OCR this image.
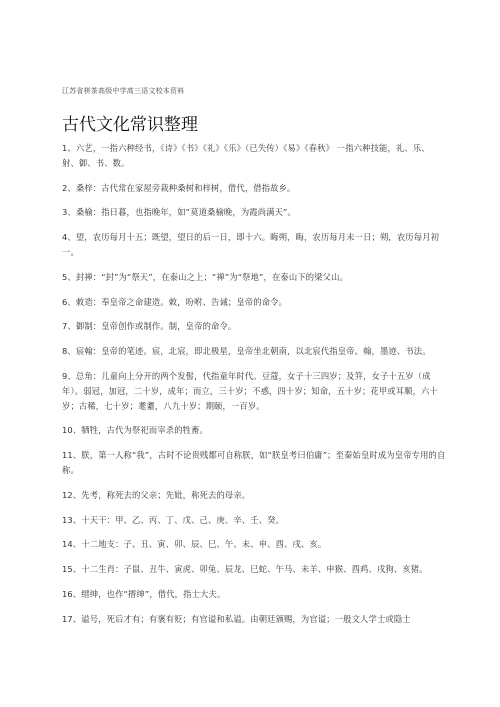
江苏省栟茶高级中学高三语文校本资料
古代文化常识整理

1、六艺，一指六种经书，《诗》《书》《礼》《乐》（已失传）《易》《春秋》 一指六种技能，礼、乐、射、御、书、数。

2、桑梓：古代常在家屋旁栽种桑树和梓树，借代，借指故乡。

3、桑榆：指日暮，也指晚年，如“莫道桑榆晚，为霞尚满天”。

4、望，农历每月十五；既望，望日的后一日，即十六。晦朔，晦，农历每月末一日；朔，农历每月初一。

5、封禅：“封”为“祭天”，在泰山之上；“禅”为“祭地”，在泰山下的梁父山。

6、敕造：奉皇帝之命建造。敕，吩咐、告诫；皇帝的命令。

7、御制：皇帝创作或制作。制，皇帝的命令。

8、宸翰：皇帝的笔迹。宸，北宸，即北极星，皇帝坐北朝南，以北宸代指皇帝。翰，墨迹、书法。

9、总角：儿童向上分开的两个发髻，代指童年时代。豆蔻，女子十三四岁；及笄，女子十五岁（成年）。弱冠，加冠，二十岁，成年；而立，三十岁；不惑，四十岁；知命，五十岁；花甲或耳顺，六十岁；古稀，七十岁；耄耋，八九十岁；期颐，一百岁。

10、牺牲，古代为祭祀而宰杀的牲畜。

11、朕，第一人称“我”，古时不论贵贱都可自称朕，如“朕皇考曰伯庸”；至秦始皇时成为皇帝专用的自称。

12、先考，称死去的父亲；先妣，称死去的母亲。

13、十天干：甲、乙、丙、丁、戊、己、庚、辛、壬、癸。

14、十二地支：子、丑、寅、卯、辰、巳、午、未、申、酉、戌、亥。

15、十二生肖：子鼠、丑牛、寅虎、卯兔、辰龙、巳蛇、午马、未羊、申猴、酉鸡、戌狗、亥猪。

16、缙绅，也作“搢绅”，借代，指士大夫。

17、谥号，死后才有；有褒有贬；有官谥和私谥。由朝廷颁赐，为官谥；一般文人学士或隐士
